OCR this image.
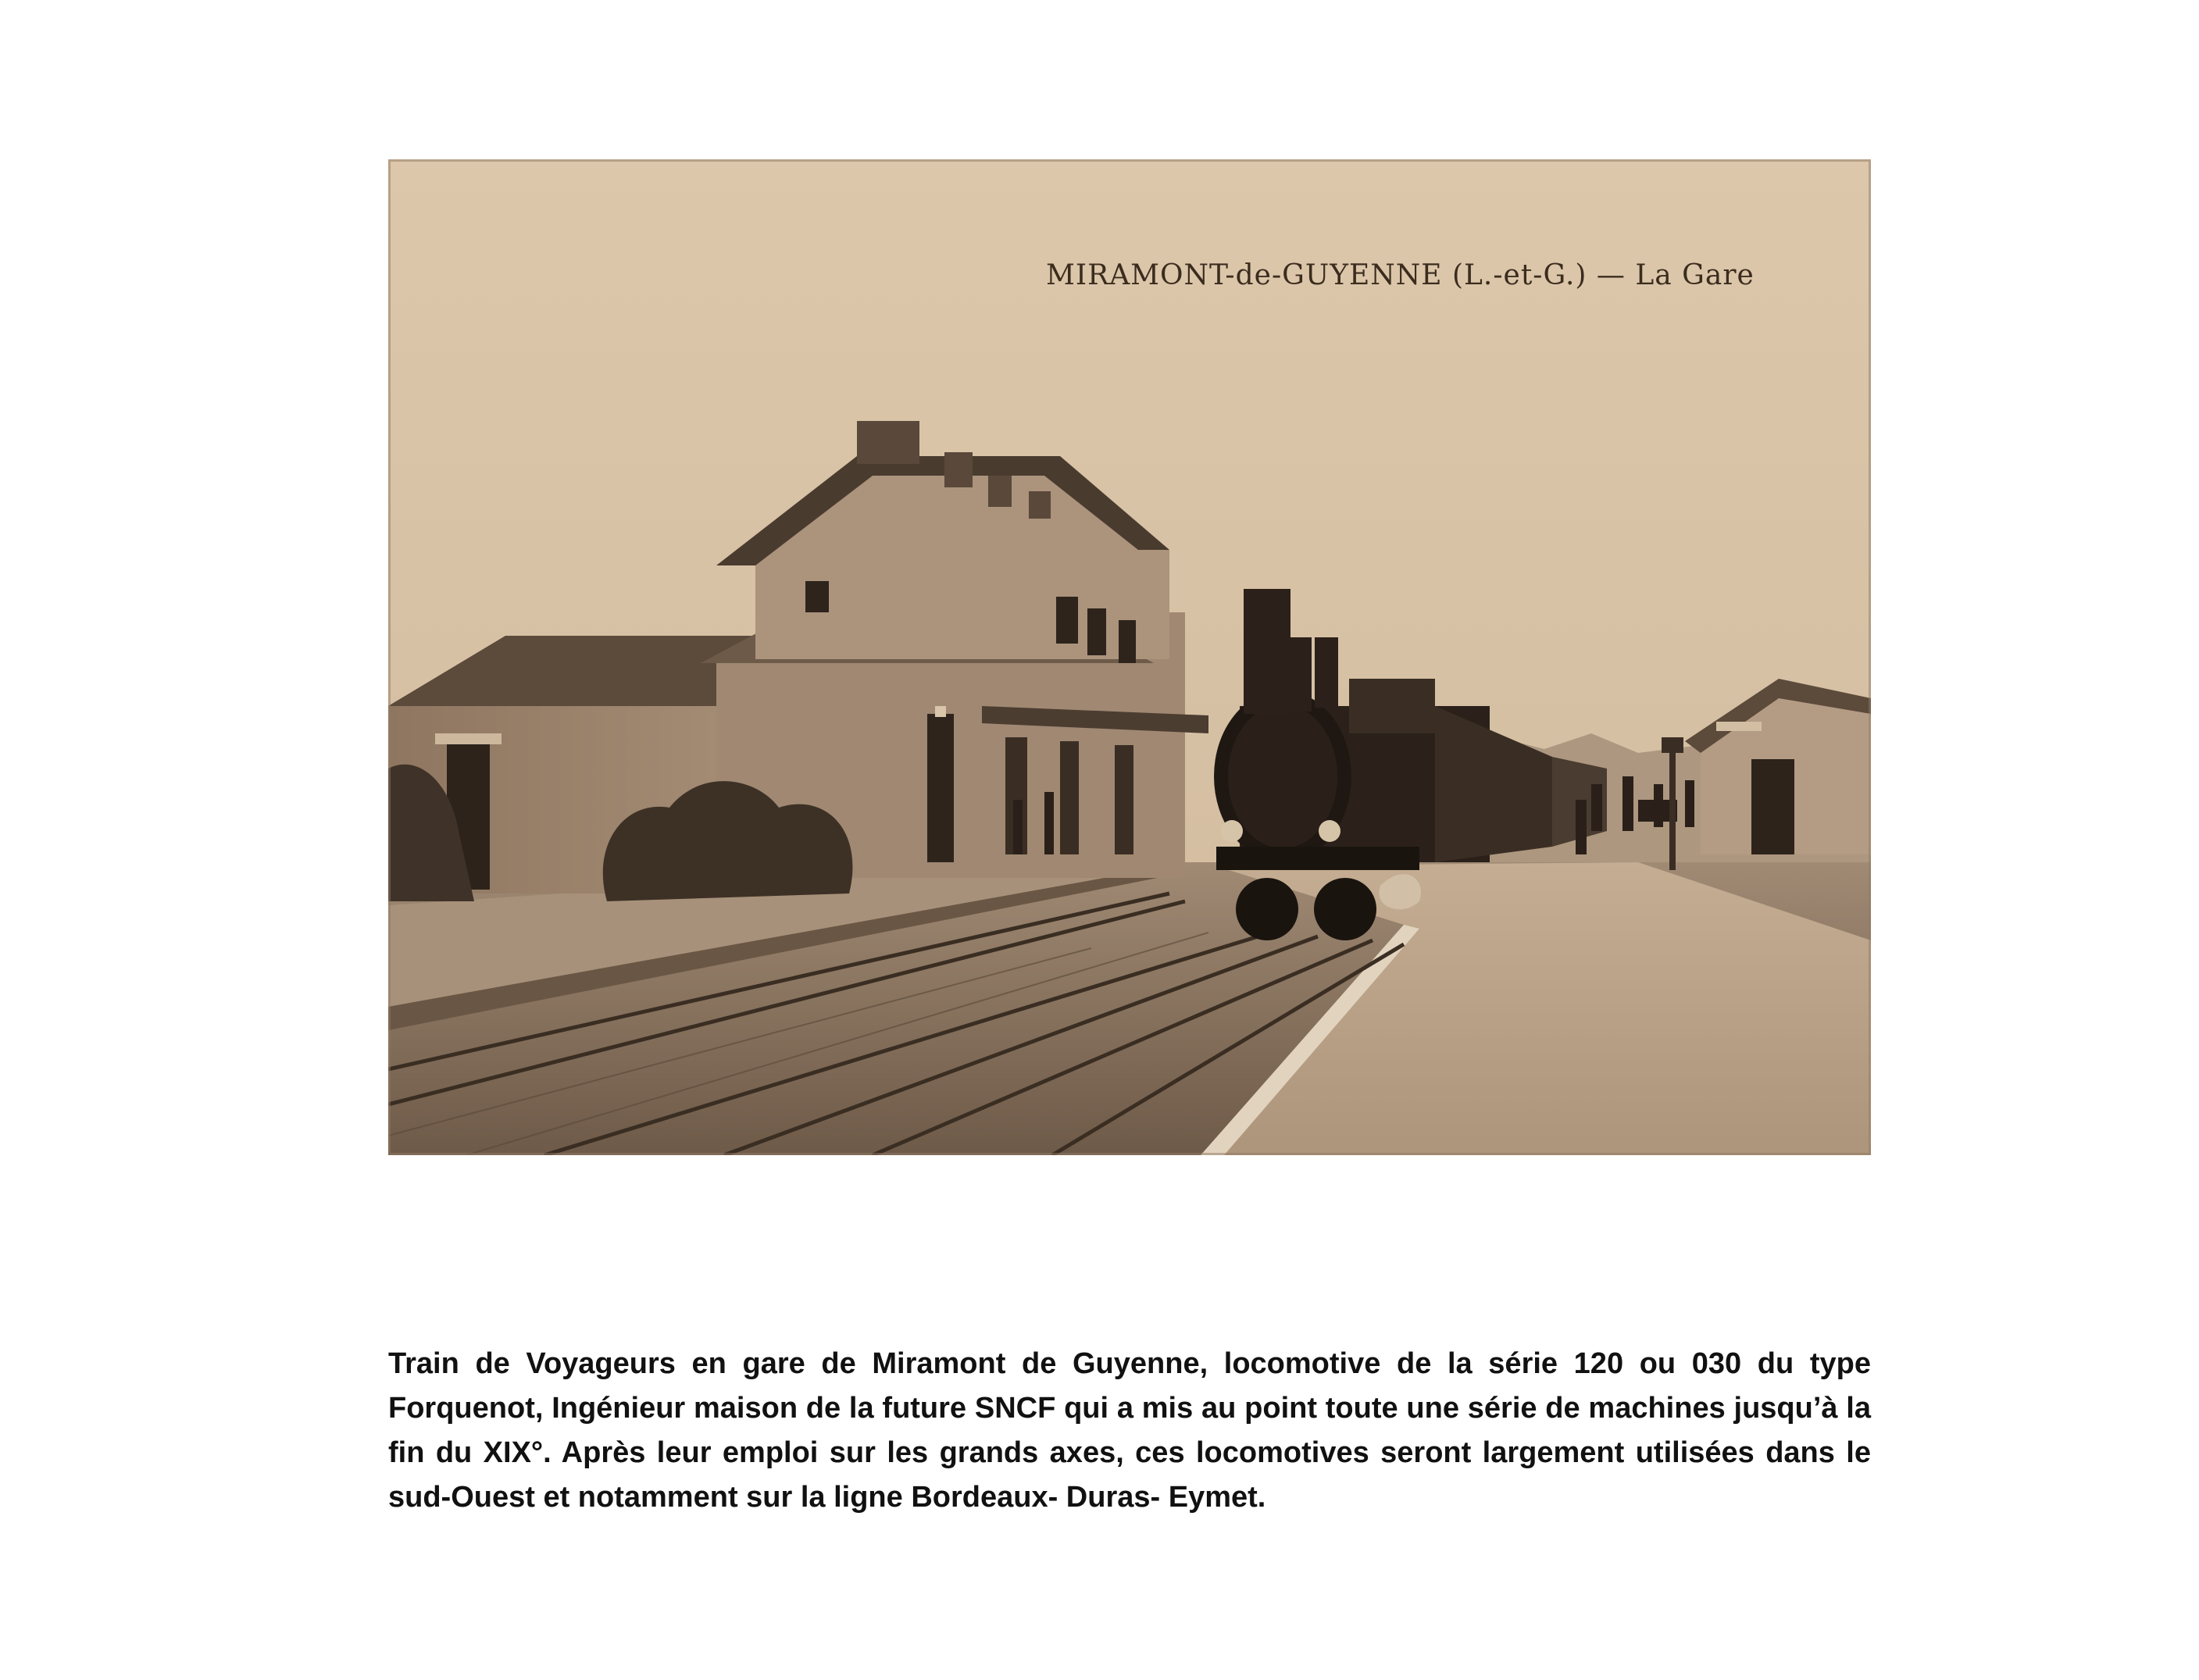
MIRAMONT-de-GUYENNE (L.-et-G.) — La Gare

Train de Voyageurs en gare de Miramont de Guyenne, locomotive de la série 120 ou 030 du type Forquenot, Ingénieur maison de la future SNCF qui a mis au point toute une série de machines jusqu’à la fin du XIX°. Après leur emploi sur les grands axes, ces locomotives seront largement utilisées dans le sud-Ouest et notamment sur la ligne Bordeaux- Duras- Eymet.
